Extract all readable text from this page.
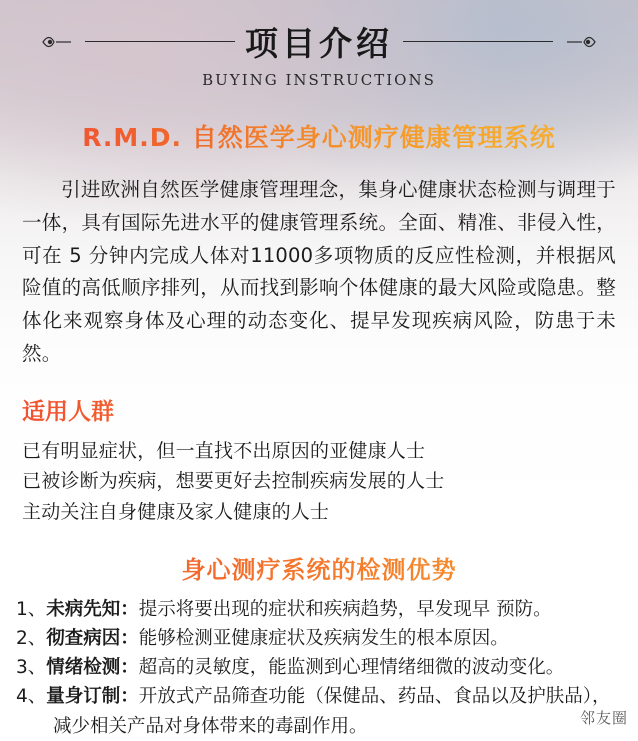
项目介绍
BUYING INSTRUCTIONS
R.M.D. 自然医学身心测疗健康管理系统

引进欧洲自然医学健康管理理念，集身心健康状态检测与调理于一体，具有国际先进水平的健康管理系统。全面、精准、非侵入性，可在 5 分钟内完成人体对11000多项物质的反应性检测，并根据风险值的高低顺序排列，从而找到影响个体健康的最大风险或隐患。整体化来观察身体及心理的动态变化、提早发现疾病风险，防患于未然。

适用人群
已有明显症状，但一直找不出原因的亚健康人士
已被诊断为疾病，想要更好去控制疾病发展的人士
主动关注自身健康及家人健康的人士
身心测疗系统的检测优势
1、未病先知：提示将要出现的症状和疾病趋势，早发现早 预防。
2、彻查病因：能够检测亚健康症状及疾病发生的根本原因。
3、情绪检测：超高的灵敏度，能监测到心理情绪细微的波动变化。
4、量身订制：开放式产品筛查功能（保健品、药品、食品以及护肤品），
减少相关产品对身体带来的毒副作用。	邻友圈
